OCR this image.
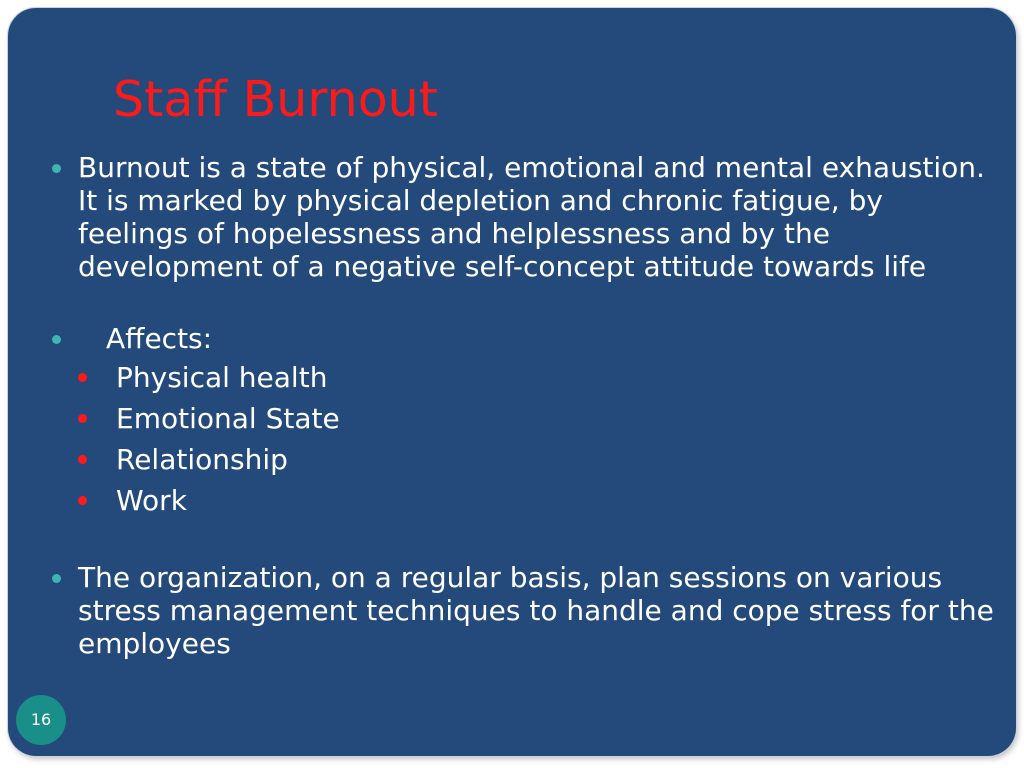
Staff Burnout
Burnout is a state of physical, emotional and mental exhaustion. It is marked by physical depletion and chronic fatigue, by feelings of hopelessness and helplessness and by the development of a negative self-concept attitude towards life
Affects:
Physical health
Emotional State
Relationship
Work
The organization, on a regular basis, plan sessions on various stress management techniques to handle and cope stress for the employees
16
